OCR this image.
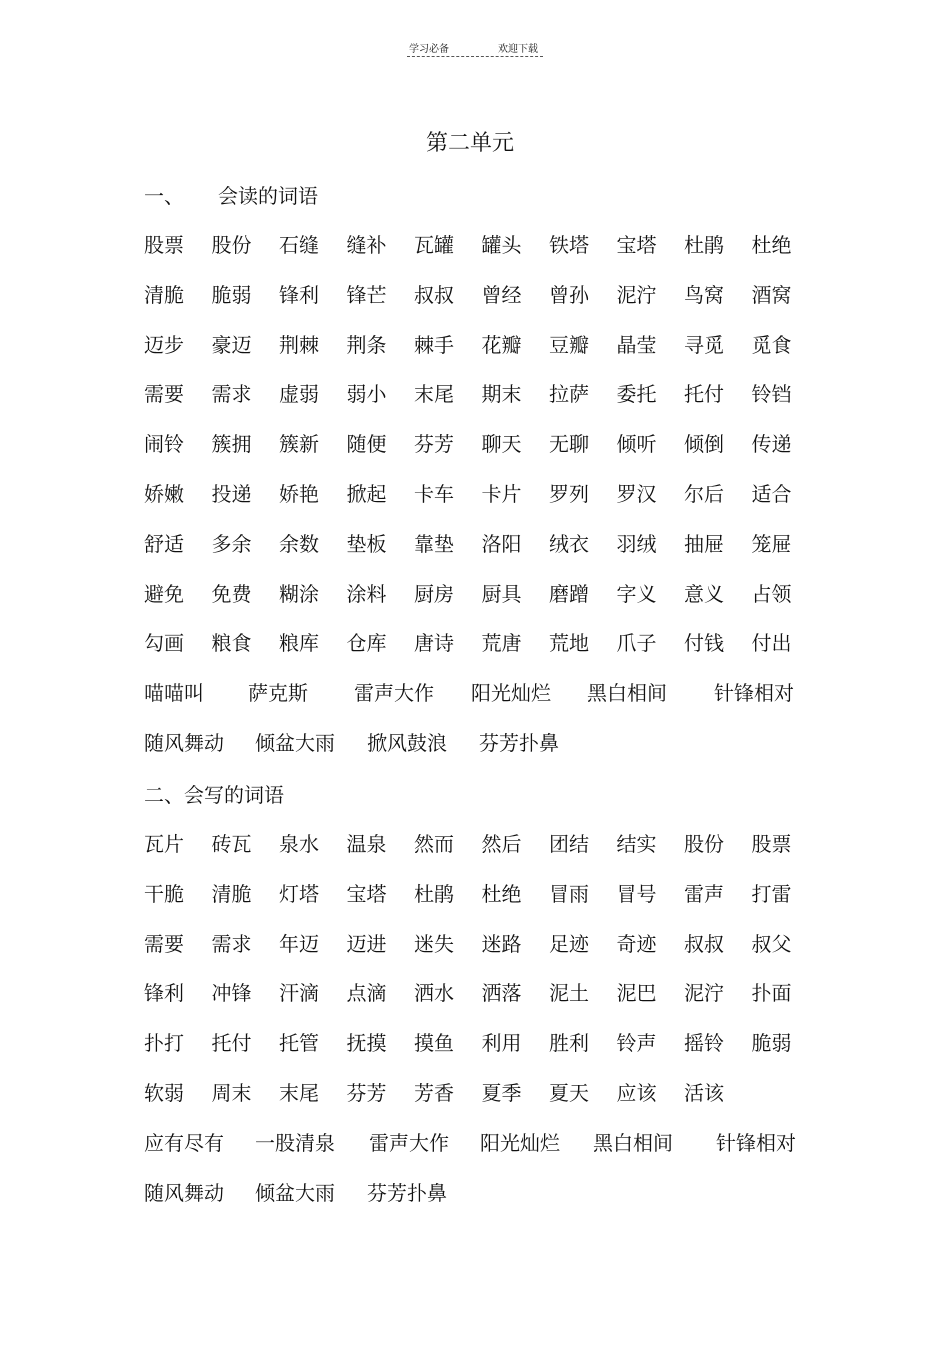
学习必备	欢迎下载
第二单元
一、 会读的词语
股票 股份 石缝 缝补 瓦罐 罐头 铁塔 宝塔 杜鹃 杜绝
清脆 脆弱 锋利 锋芒 叔叔 曾经 曾孙 泥泞 鸟窝 酒窝
迈步 豪迈 荆棘 荆条 棘手 花瓣 豆瓣 晶莹 寻觅 觅食
需要 需求 虚弱 弱小 末尾 期末 拉萨 委托 托付 铃铛
闹铃 簇拥 簇新 随便 芬芳 聊天 无聊 倾听 倾倒 传递
娇嫩 投递 娇艳 掀起 卡车 卡片 罗列 罗汉 尔后 适合
舒适 多余 余数 垫板 靠垫 洛阳 绒衣 羽绒 抽屉 笼屉
避免 免费 糊涂 涂料 厨房 厨具 磨蹭 字义 意义 占领
勾画 粮食 粮库 仓库 唐诗 荒唐 荒地 爪子 付钱 付出
喵喵叫 萨克斯 雷声大作 阳光灿烂 黑白相间 针锋相对
随风舞动 倾盆大雨 掀风鼓浪 芬芳扑鼻
二、会写的词语
瓦片 砖瓦 泉水 温泉 然而 然后 团结 结实 股份 股票
干脆 清脆 灯塔 宝塔 杜鹃 杜绝 冒雨 冒号 雷声 打雷
需要 需求 年迈 迈进 迷失 迷路 足迹 奇迹 叔叔 叔父
锋利 冲锋 汗滴 点滴 洒水 洒落 泥土 泥巴 泥泞 扑面
扑打 托付 托管 抚摸 摸鱼 利用 胜利 铃声 摇铃 脆弱
软弱 周末 末尾 芬芳 芳香 夏季 夏天 应该 活该
应有尽有 一股清泉 雷声大作 阳光灿烂 黑白相间 针锋相对
随风舞动 倾盆大雨 芬芳扑鼻
